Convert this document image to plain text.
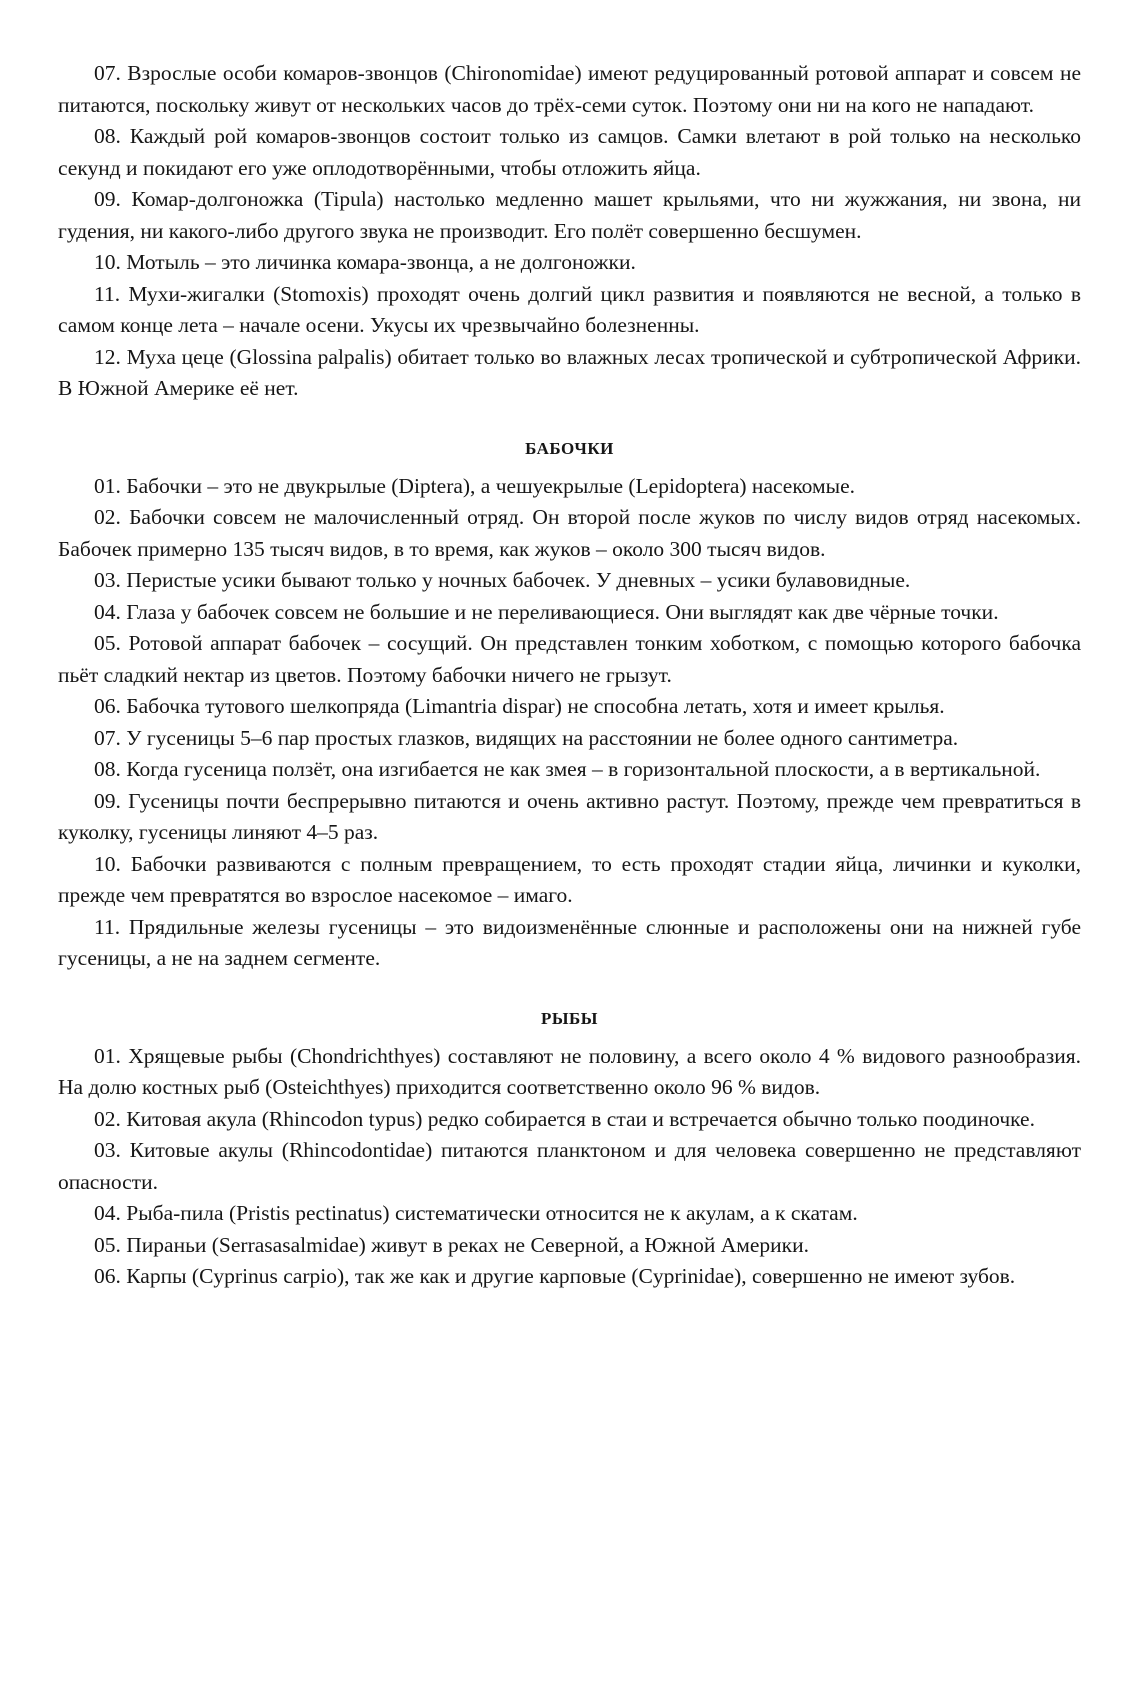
07. Взрослые особи комаров-звонцов (Chironomidae) имеют редуцированный ротовой аппарат и совсем не питаются, поскольку живут от нескольких часов до трёх-семи суток. Поэтому они ни на кого не нападают.

08. Каждый рой комаров-звонцов состоит только из самцов. Самки влетают в рой только на несколько секунд и покидают его уже оплодотворёнными, чтобы отложить яйца.

09. Комар-долгоножка (Tipula) настолько медленно машет крыльями, что ни жужжания, ни звона, ни гудения, ни какого-либо другого звука не производит. Его полёт совершенно бесшумен.

10. Мотыль – это личинка комара-звонца, а не долгоножки.

11. Мухи-жигалки (Stomoxis) проходят очень долгий цикл развития и появляются не весной, а только в самом конце лета – начале осени. Укусы их чрезвычайно болезненны.

12. Муха цеце (Glossina palpalis) обитает только во влажных лесах тропической и субтропической Африки. В Южной Америке её нет.

БАБОЧКИ

01. Бабочки – это не двукрылые (Diptera), а чешуекрылые (Lepidoptera) насекомые.

02. Бабочки совсем не малочисленный отряд. Он второй после жуков по числу видов отряд насекомых. Бабочек примерно 135 тысяч видов, в то время, как жуков – около 300 тысяч видов.

03. Перистые усики бывают только у ночных бабочек. У дневных – усики булавовидные.

04. Глаза у бабочек совсем не большие и не переливающиеся. Они выглядят как две чёрные точки.

05. Ротовой аппарат бабочек – сосущий. Он представлен тонким хоботком, с помощью которого бабочка пьёт сладкий нектар из цветов. Поэтому бабочки ничего не грызут.

06. Бабочка тутового шелкопряда (Limantria dispar) не способна летать, хотя и имеет крылья.

07. У гусеницы 5–6 пар простых глазков, видящих на расстоянии не более одного сантиметра.

08. Когда гусеница ползёт, она изгибается не как змея – в горизонтальной плоскости, а в вертикальной.

09. Гусеницы почти беспрерывно питаются и очень активно растут. Поэтому, прежде чем превратиться в куколку, гусеницы линяют 4–5 раз.

10. Бабочки развиваются с полным превращением, то есть проходят стадии яйца, личинки и куколки, прежде чем превратятся во взрослое насекомое – имаго.

11. Прядильные железы гусеницы – это видоизменённые слюнные и расположены они на нижней губе гусеницы, а не на заднем сегменте.

РЫБЫ

01. Хрящевые рыбы (Chondrichthyes) составляют не половину, а всего около 4 % видового разнообразия. На долю костных рыб (Osteichthyes) приходится соответственно около 96 % видов.

02. Китовая акула (Rhincodon typus) редко собирается в стаи и встречается обычно только поодиночке.

03. Китовые акулы (Rhincodontidae) питаются планктоном и для человека совершенно не представляют опасности.

04. Рыба-пила (Pristis pectinatus) систематически относится не к акулам, а к скатам.

05. Пираньи (Serrasasalmidae) живут в реках не Северной, а Южной Америки.

06. Карпы (Cyprinus carpio), так же как и другие карповые (Cyprinidae), совершенно не имеют зубов.
